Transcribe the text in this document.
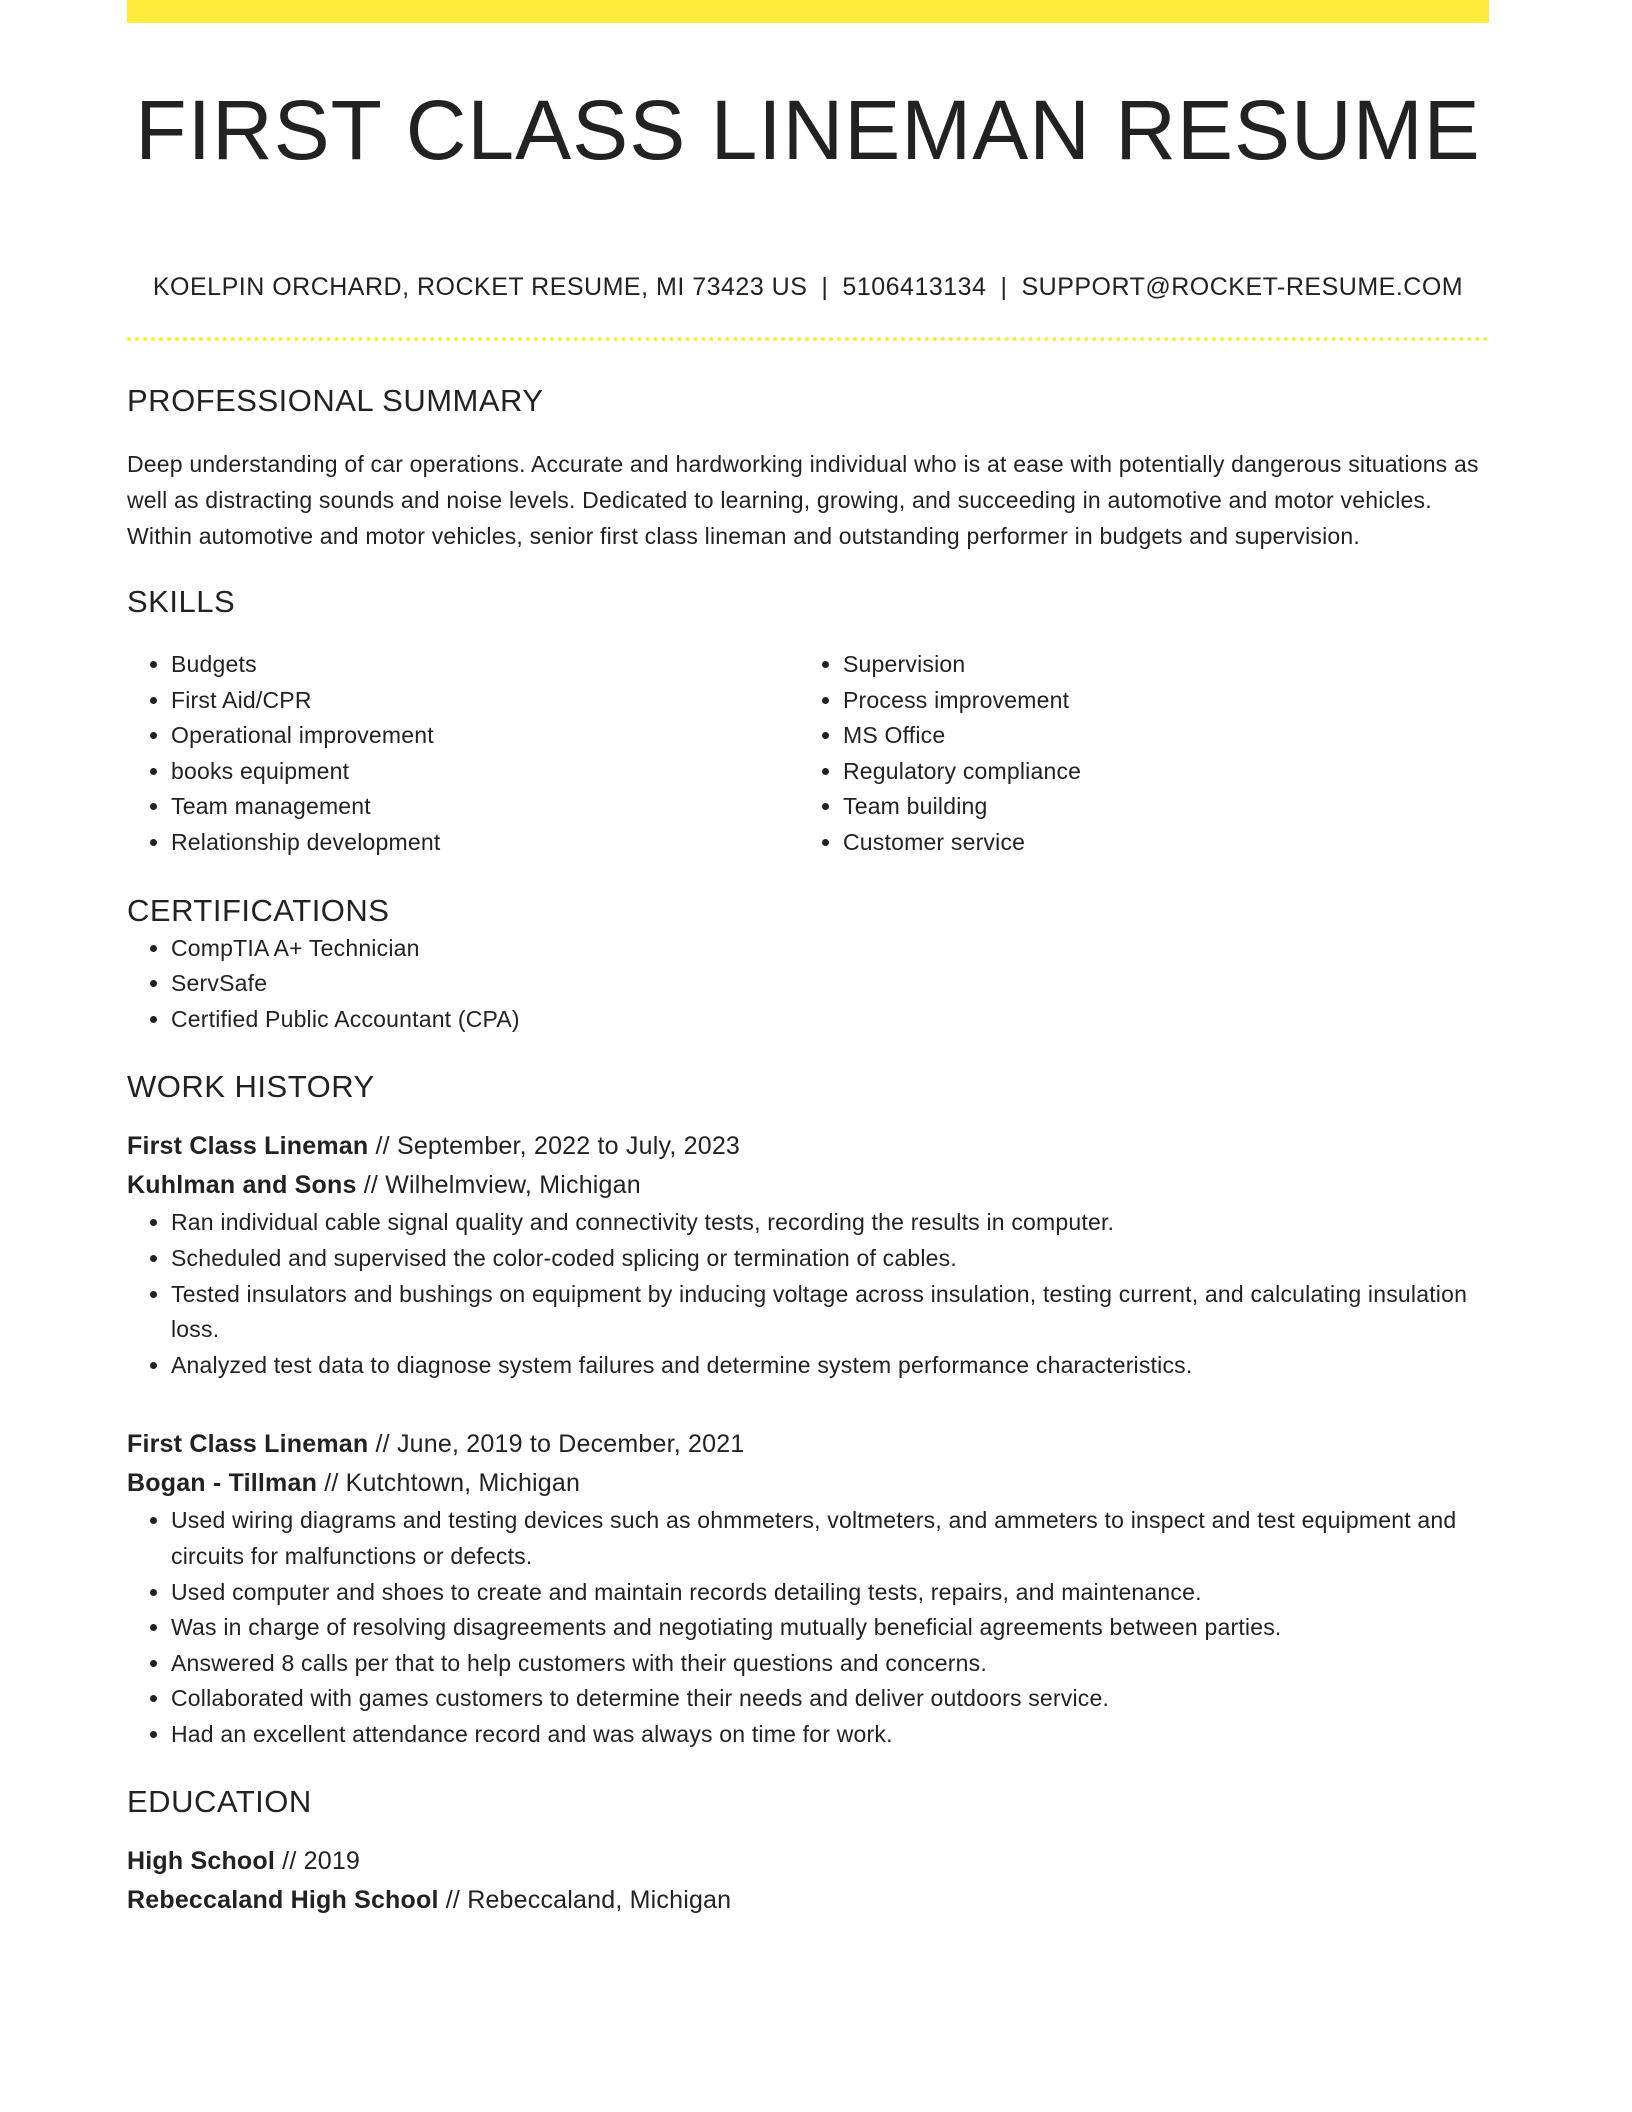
FIRST CLASS LINEMAN RESUME
KOELPIN ORCHARD, ROCKET RESUME, MI 73423 US | 5106413134 | SUPPORT@ROCKET-RESUME.COM
PROFESSIONAL SUMMARY

Deep understanding of car operations. Accurate and hardworking individual who is at ease with potentially dangerous situations as well as distracting sounds and noise levels. Dedicated to learning, growing, and succeeding in automotive and motor vehicles. Within automotive and motor vehicles, senior first class lineman and outstanding performer in budgets and supervision.

SKILLS
• Budgets
• First Aid/CPR
• Operational improvement
• books equipment
• Team management
• Relationship development
• Supervision
• Process improvement
• MS Office
• Regulatory compliance
• Team building
• Customer service
CERTIFICATIONS
• CompTIA A+ Technician
• ServSafe
• Certified Public Accountant (CPA)
WORK HISTORY
First Class Lineman // September, 2022 to July, 2023
Kuhlman and Sons // Wilhelmview, Michigan
• Ran individual cable signal quality and connectivity tests, recording the results in computer.
• Scheduled and supervised the color-coded splicing or termination of cables.
• Tested insulators and bushings on equipment by inducing voltage across insulation, testing current, and calculating insulation loss.
• Analyzed test data to diagnose system failures and determine system performance characteristics.
First Class Lineman // June, 2019 to December, 2021
Bogan - Tillman // Kutchtown, Michigan
• Used wiring diagrams and testing devices such as ohmmeters, voltmeters, and ammeters to inspect and test equipment and circuits for malfunctions or defects.
• Used computer and shoes to create and maintain records detailing tests, repairs, and maintenance.
• Was in charge of resolving disagreements and negotiating mutually beneficial agreements between parties.
• Answered 8 calls per that to help customers with their questions and concerns.
• Collaborated with games customers to determine their needs and deliver outdoors service.
• Had an excellent attendance record and was always on time for work.
EDUCATION
High School // 2019
Rebeccaland High School // Rebeccaland, Michigan
